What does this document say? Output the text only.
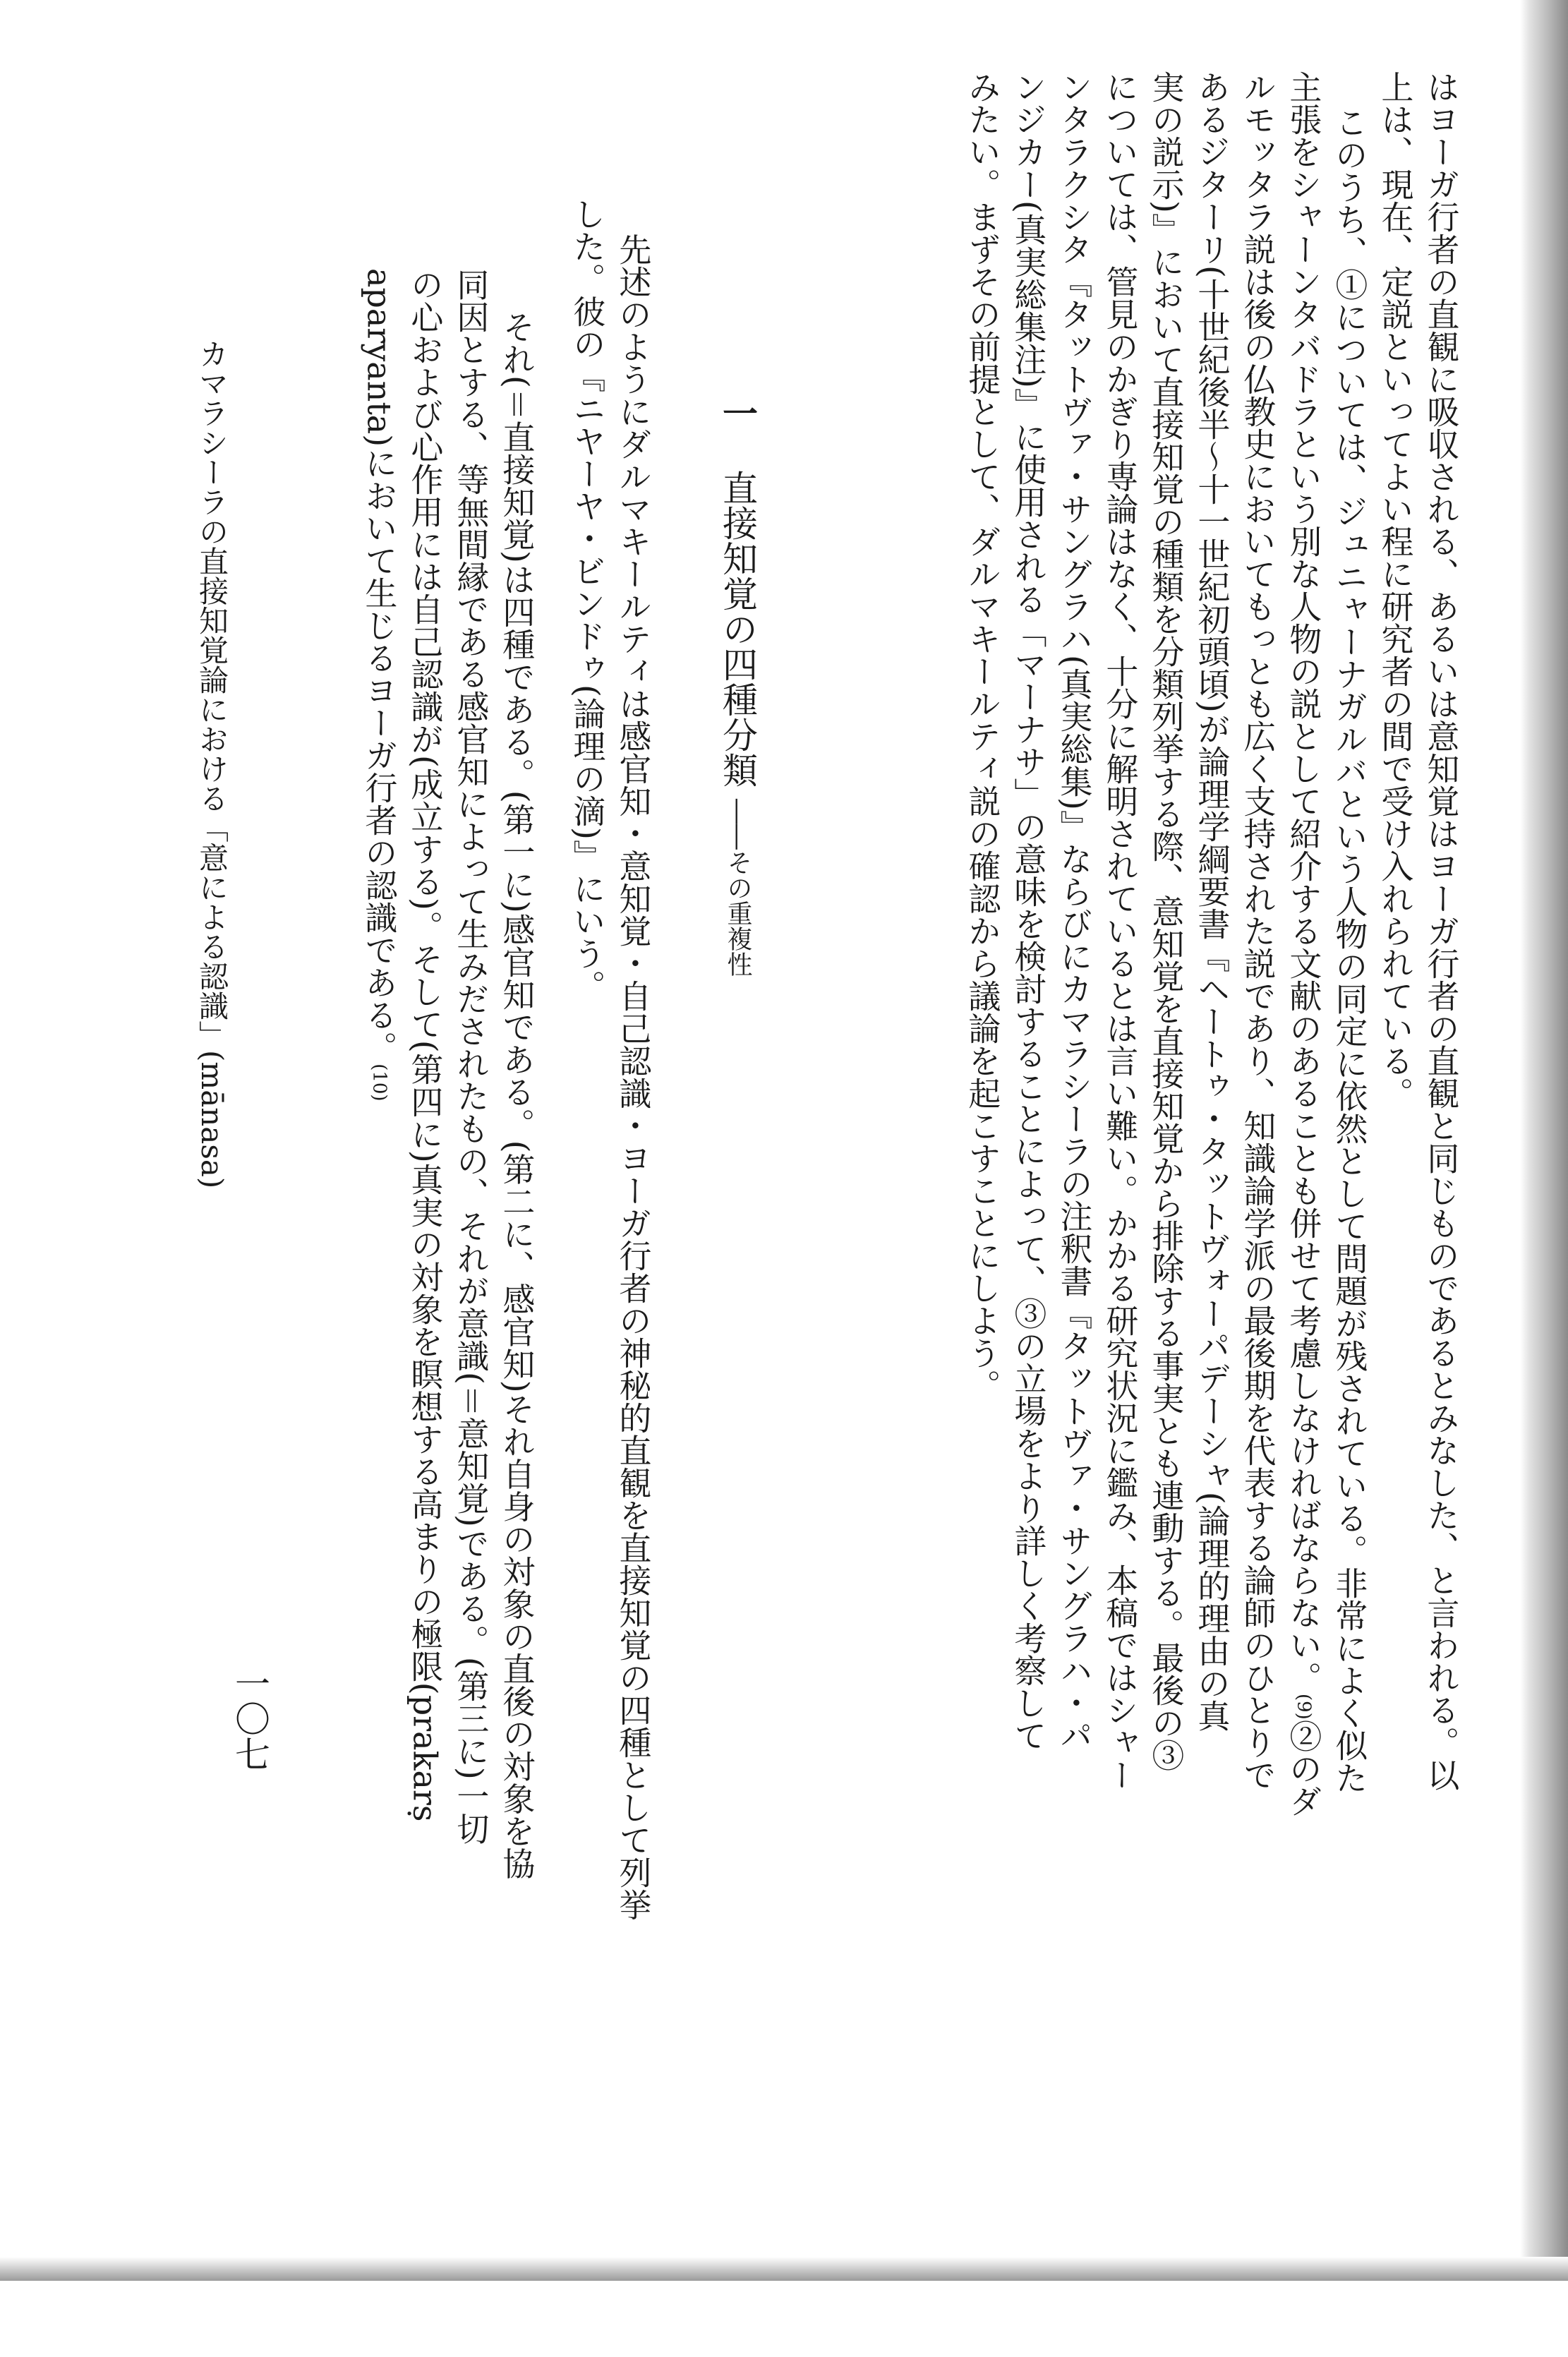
はヨーガ行者の直観に吸収される、あるいは意知覚はヨーガ行者の直観と同じものであるとみなした、と言われる。以
上は、現在、定説といってよい程に研究者の間で受け入れられている。
このうち、①については、ジュニャーナガルバという人物の同定に依然として問題が残されている。非常によく似た
主張をシャーンタバドラという別な人物の説として紹介する文献のあることも併せて考慮しなければならない。(9)②のダ
ルモッタラ説は後の仏教史においてもっとも広く支持された説であり、知識論学派の最後期を代表する論師のひとりで
あるジターリ(十世紀後半～十一世紀初頭頃)が論理学綱要書『ヘートゥ・タットヴォーパデーシャ(論理的理由の真
実の説示)』において直接知覚の種類を分類列挙する際、意知覚を直接知覚から排除する事実とも連動する。最後の③
については、管見のかぎり専論はなく、十分に解明されているとは言い難い。かかる研究状況に鑑み、本稿ではシャー
ンタラクシタ『タットヴァ・サングラハ(真実総集)』ならびにカマラシーラの注釈書『タットヴァ・サングラハ・パ
ンジカー(真実総集注)』に使用される「マーナサ」の意味を検討することによって、③の立場をより詳しく考察して
みたい。まずその前提として、ダルマキールティ説の確認から議論を起こすことにしよう。
一 直接知覚の四種分類 ――その重複性
先述のようにダルマキールティは感官知・意知覚・自己認識・ヨーガ行者の神秘的直観を直接知覚の四種として列挙
した。彼の『ニヤーヤ・ビンドゥ(論理の滴)』にいう。
それ(＝直接知覚)は四種である。(第一に)感官知である。(第二に、感官知)それ自身の対象の直後の対象を協
同因とする、等無間縁である感官知によって生みだされたもの、それが意識(＝意知覚)である。(第三に)一切
の心および心作用には自己認識が(成立する)。そして(第四に)真実の対象を瞑想する高まりの極限(prakarṣ
aparyanta)において生じるヨーガ行者の認識である。(10)
カマラシーラの直接知覚論における「意による認識」(mānasa)
一〇七
